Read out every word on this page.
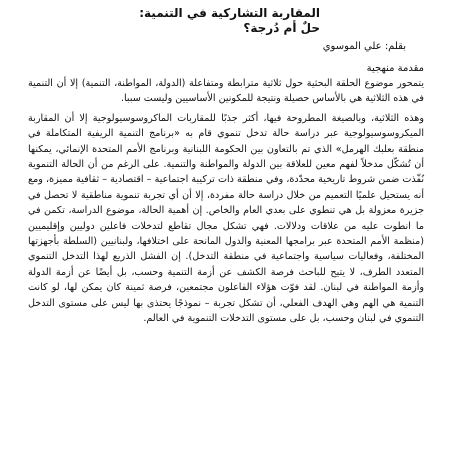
المقاربة التشاركية في التنمية:
حلٌ أم دُرجة؟
بقلم: علي الموسوي
مقدمة منهجية

يتمحور موضوع الحلقة البحثية حول ثلاثية مترابطة ومتفاعلة (الدولة، المواطنة، التنمية) إلا أن التنمية في هذه الثلاثية هي بالأساس حصيلة ونتيجة للمكونين الأساسيين وليست سببا.

وهذه الثلاثية، وبالصيغة المطروحة فيها، أكثر جذبًا للمقاربات الماكروسوسيولوجية إلا أن المقاربة الميكروسوسيولوجية عبر دراسة حالة تدخل تنموي قام به «برنامج التنمية الريفية المتكاملة في منطقة بعلبك الهرمل» الذي تم بالتعاون بين الحكومة اللبنانية وبرنامج الأمم المتحدة الإنمائي، يمكنها أن تُشكّل مدخلاً لفهم معين للعلاقة بين الدولة والمواطنة والتنمية. على الرغم من أن الحالة التنموية نُفّذت ضمن شروط تاريخية محدّدة، وفي منطقة ذات تركيبة اجتماعية – اقتصادية – ثقافية مميزة، ومع أنه يستحيل علميًا التعميم من خلال دراسة حالة مفردة، إلا أن أي تجربة تنموية مناطقية لا تحصل في جزيرة معزولة بل هي تنطوي على بعدي العام والخاص. إن أهمية الحالة، موضوع الدراسة، تكمن في ما انطوت عليه من علاقات ودلالات. فهي تشكل مجال تقاطع لتدخلات فاعلين دوليين وإقليميين (منظمة الأمم المتحدة عبر برامجها المعنية والدول المانحة على اختلافها، ولبنانيين (السلطة بأجهزتها المختلفة، وفعاليات سياسية واجتماعية في منطقة التدخل). إن الفشل الذريع لهذا التدخل التنموي المتعدد الطرف، لا يتيح للباحث فرصة الكشف عن أزمة التنمية وحسب، بل أيضًا عن أزمة الدولة وأزمة المواطنة في لبنان. لقد فوّت هؤلاء الفاعلون مجتمعين، فرصة ثمينة كان يمكن لها، لو كانت التنمية هي الهم وهي الهدف الفعلي، أن تشكل تجربة – نموذجًا يحتذى بها ليس على مستوى التدخل التنموي في لبنان وحسب، بل على مستوى التدخلات التنموية في العالم.
